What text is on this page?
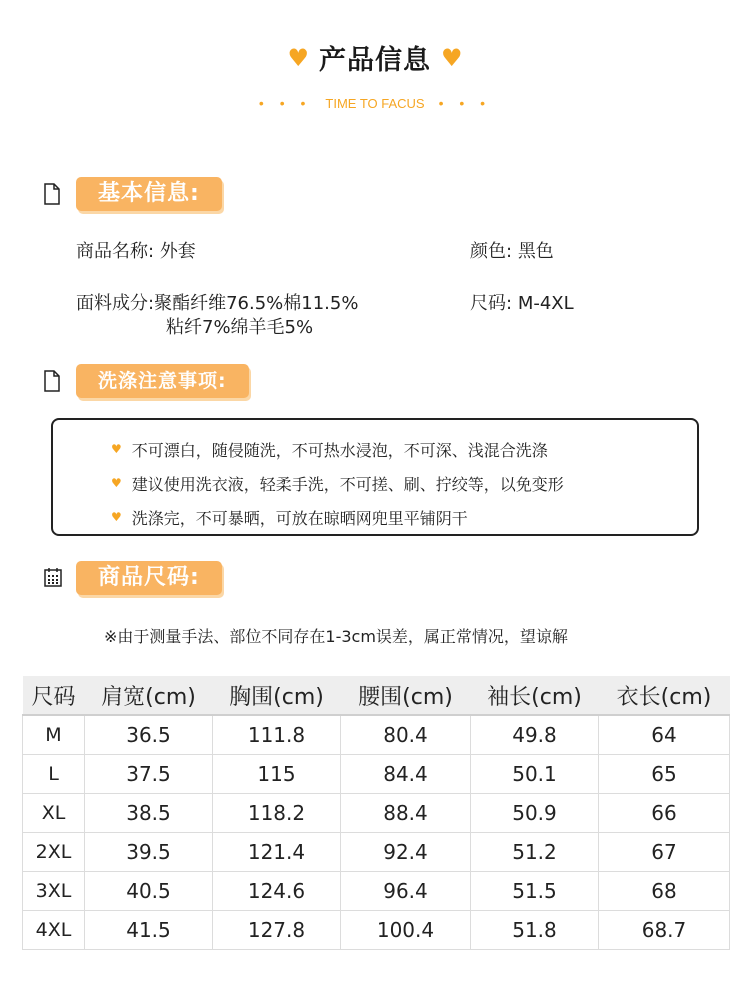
♥ 产品信息 ♥
• • • TIME TO FACUS • • •
基本信息:
商品名称: 外套	颜色: 黑色
面料成分:聚酯纤维76.5%棉11.5%
粘纤7%绵羊毛5%
尺码: M-4XL
洗涤注意事项:
♥ 不可漂白，随侵随洗，不可热水浸泡，不可深、浅混合洗涤
♥ 建议使用洗衣液，轻柔手洗，不可搓、刷、拧绞等，以免变形
♥ 洗涤完，不可暴晒，可放在晾晒网兜里平铺阴干
商品尺码:
※由于测量手法、部位不同存在1-3cm误差，属正常情况，望谅解
尺码	肩宽(cm)	胸围(cm)	腰围(cm)	袖长(cm)	衣长(cm)
M	36.5	111.8	80.4	49.8	64
L	37.5	115	84.4	50.1	65
XL	38.5	118.2	88.4	50.9	66
2XL	39.5	121.4	92.4	51.2	67
3XL	40.5	124.6	96.4	51.5	68
4XL	41.5	127.8	100.4	51.8	68.7
